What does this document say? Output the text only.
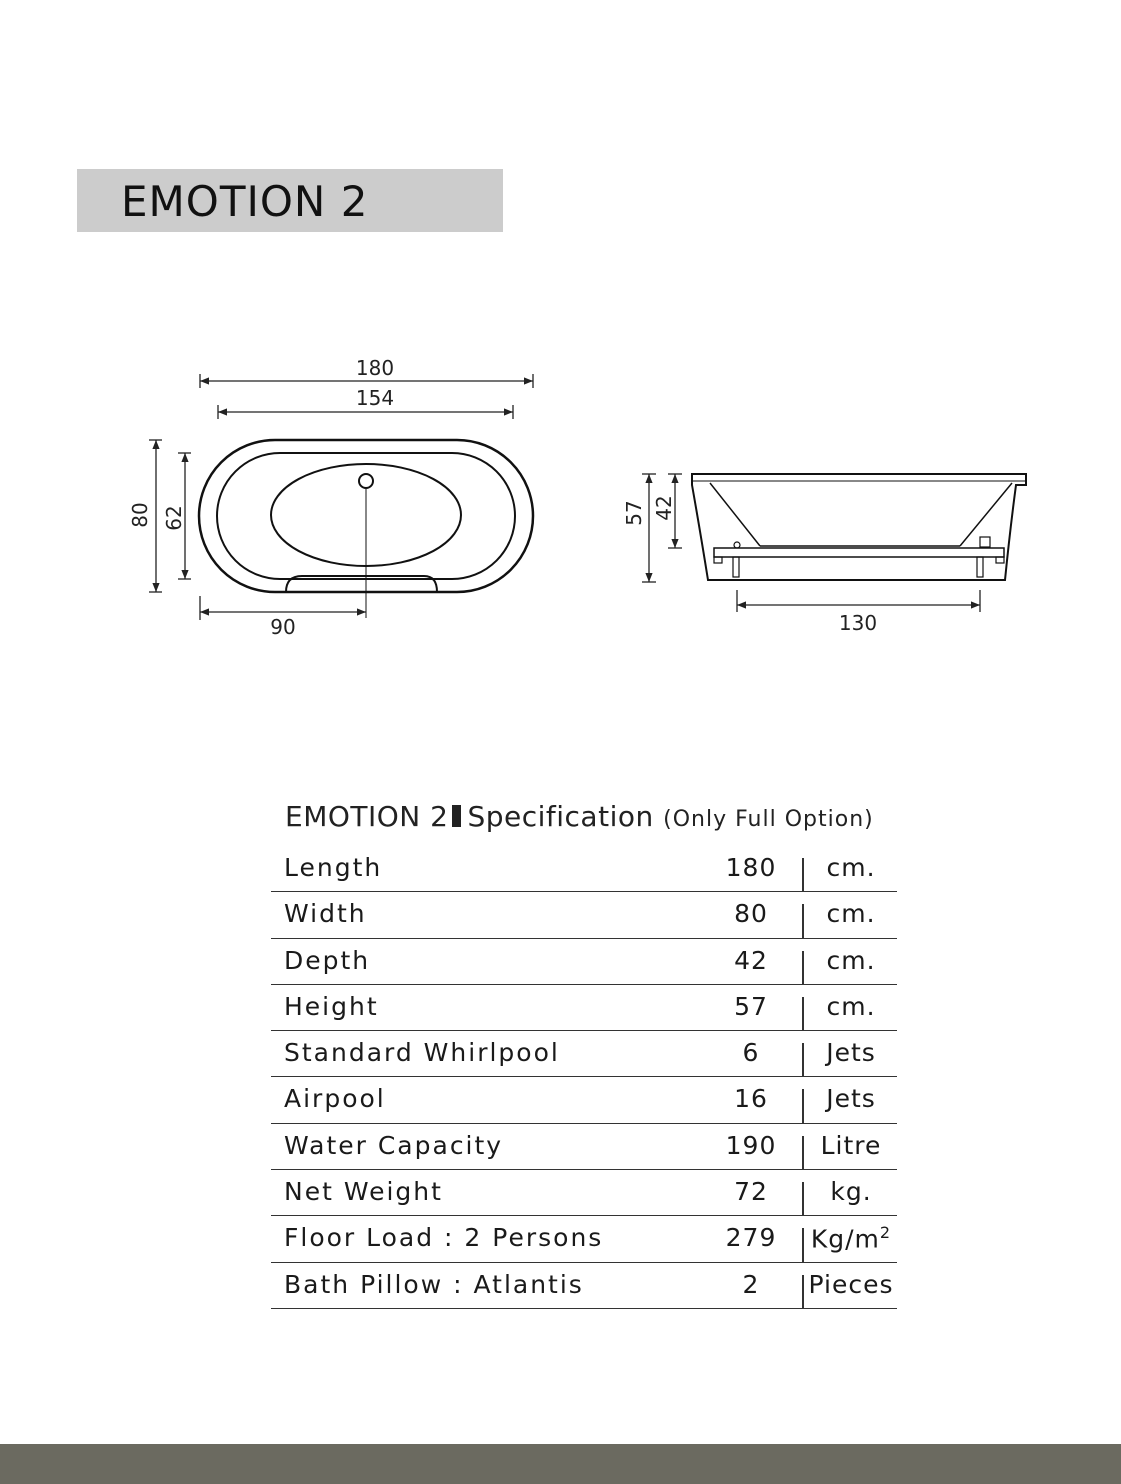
EMOTION 2
180
154
80 62
90
57 42
130
EMOTION 2 Specification (Only Full Option)
Length	180	cm.
Width	80	cm.
Depth	42	cm.
Height	57	cm.
Standard Whirlpool	6	Jets
Airpool	16	Jets
Water Capacity	190	Litre
Net Weight	72	kg.
Floor Load : 2 Persons	279	$Kg/m^2$
Bath Pillow : Atlantis	2	Pieces
